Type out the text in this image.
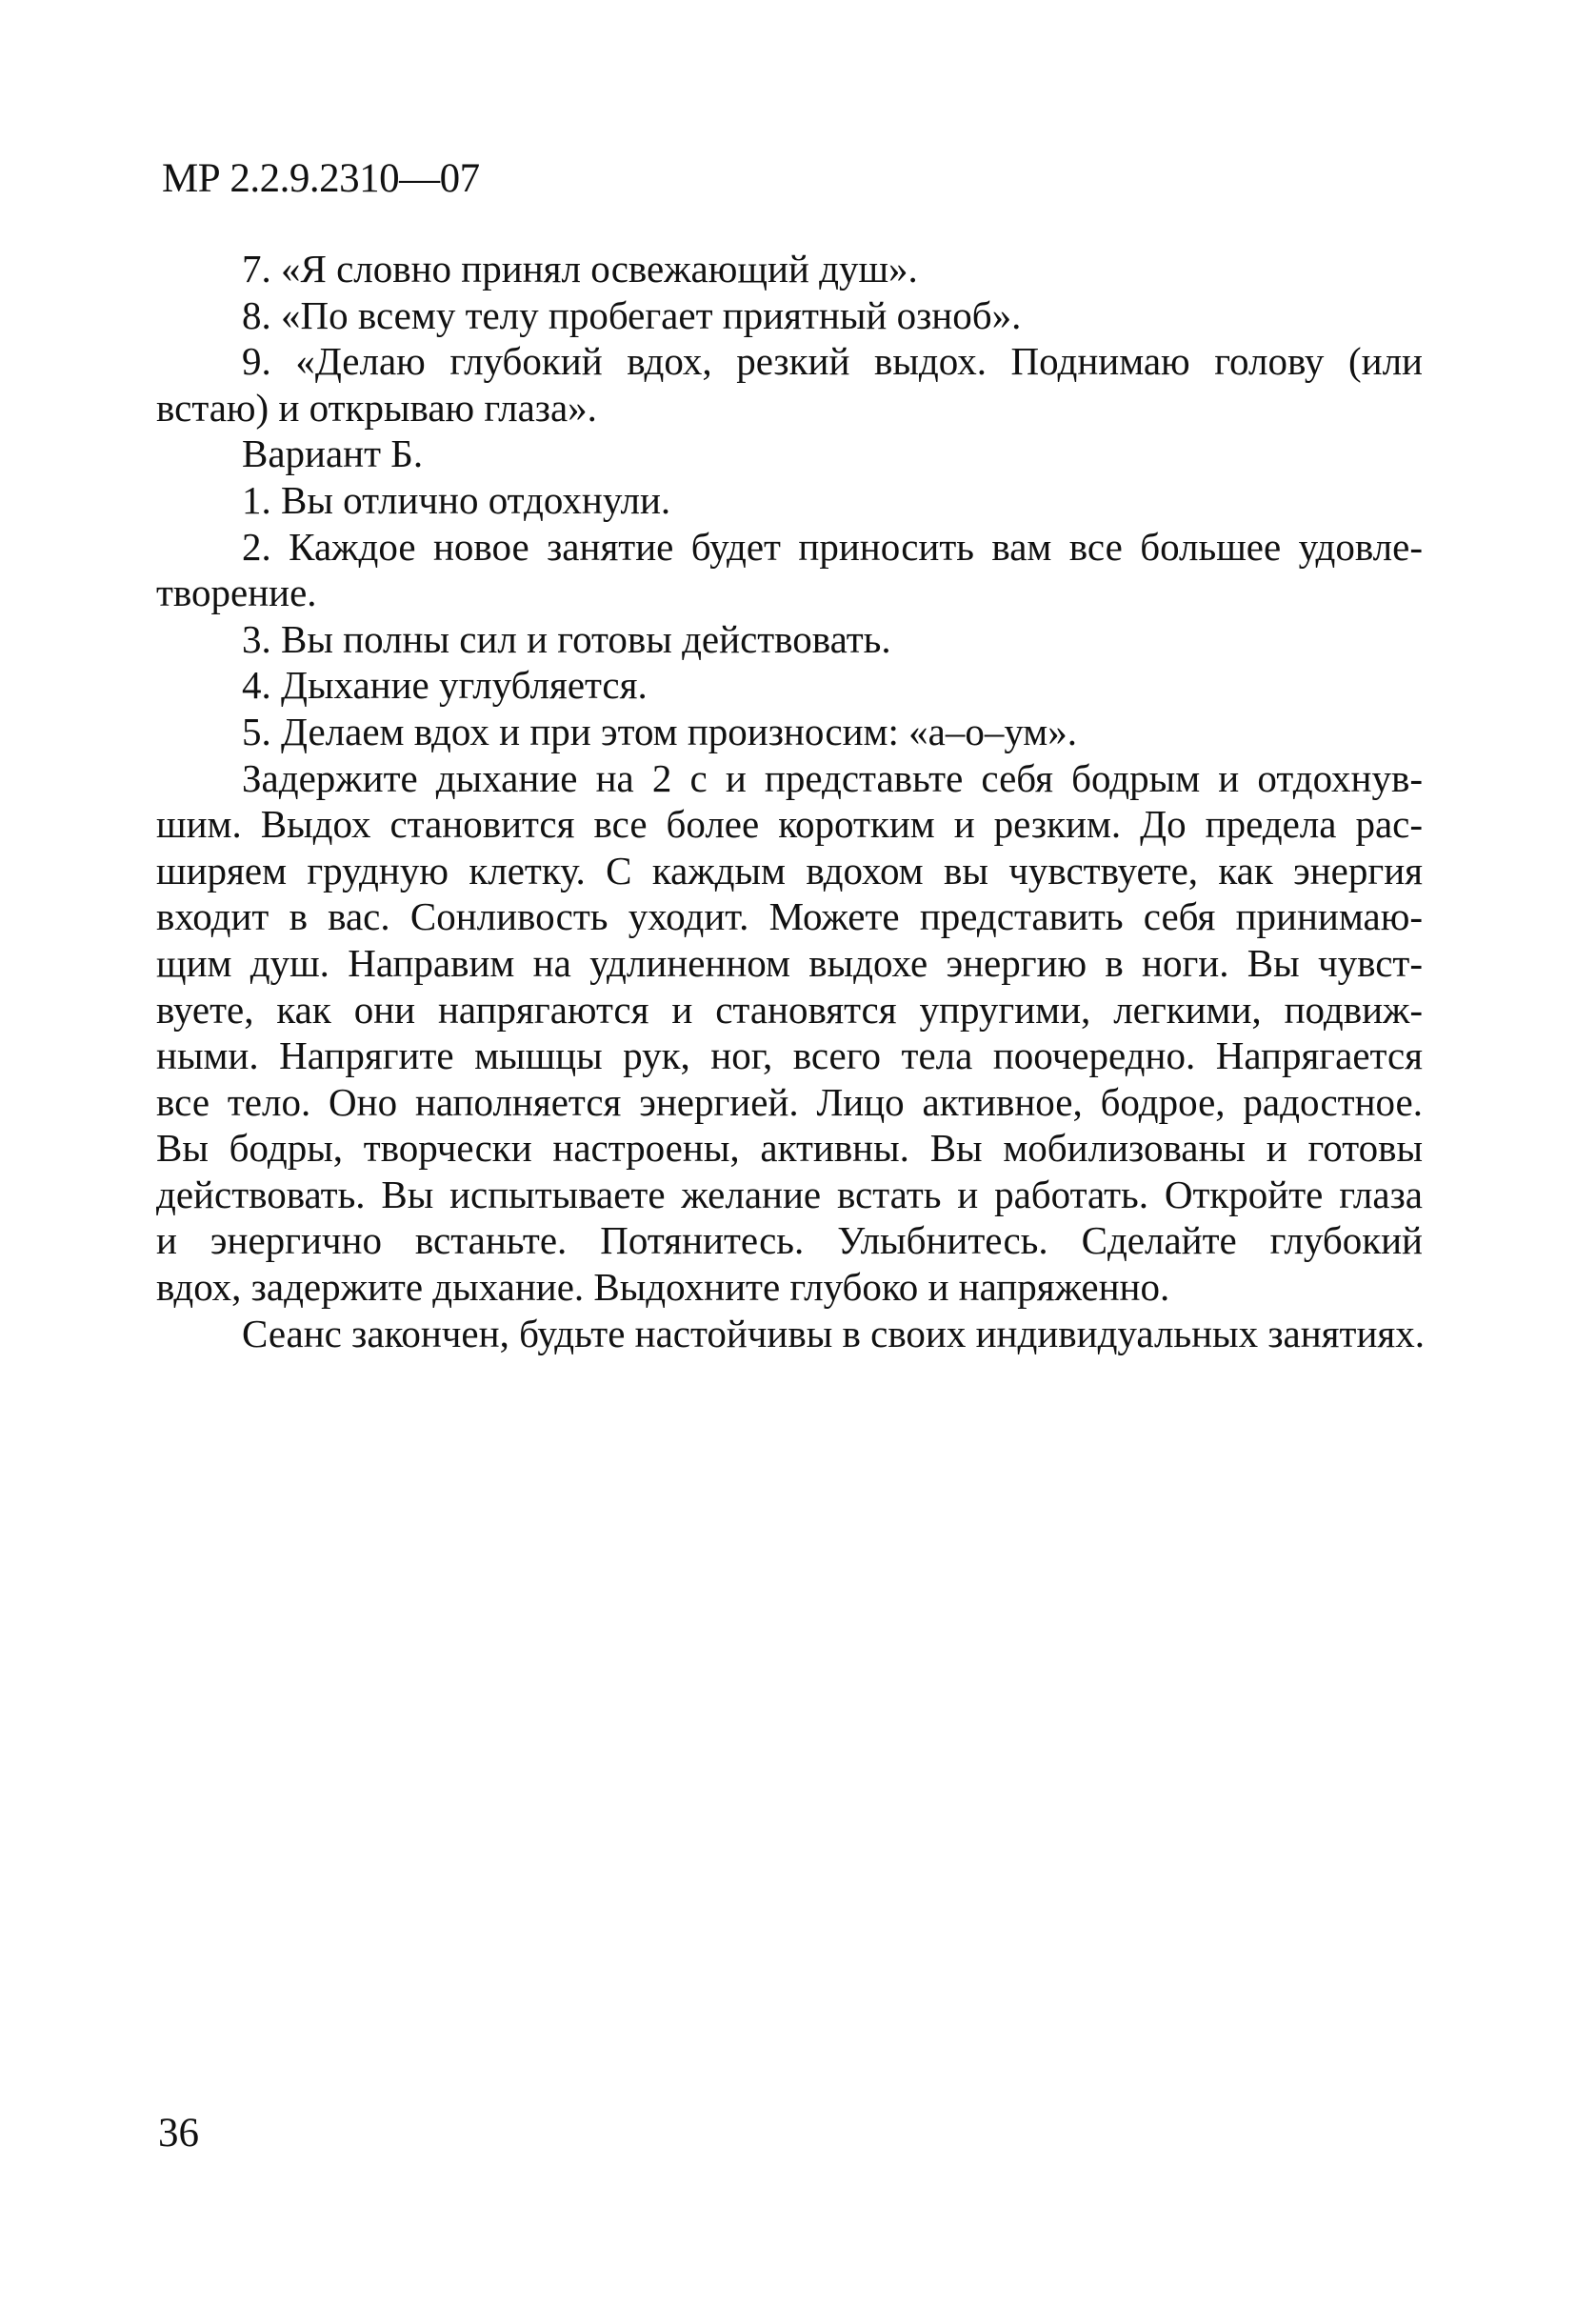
МР 2.2.9.2310—07

7. «Я словно принял освежающий душ».

8. «По всему телу пробегает приятный озноб».

9. «Делаю глубокий вдох, резкий выдох. Поднимаю голову (или

встаю) и открываю глаза».

Вариант Б.

1. Вы отлично отдохнули.

2. Каждое новое занятие будет приносить вам все большее удовле-

творение.

3. Вы полны сил и готовы действовать.

4. Дыхание углубляется.

5. Делаем вдох и при этом произносим: «а–о–ум».

Задержите дыхание на 2 с и представьте себя бодрым и отдохнув-

шим. Выдох становится все более коротким и резким. До предела рас-

ширяем грудную клетку. С каждым вдохом вы чувствуете, как энергия

входит в вас. Сонливость уходит. Можете представить себя принимаю-

щим душ. Направим на удлиненном выдохе энергию в ноги. Вы чувст-

вуете, как они напрягаются и становятся упругими, легкими, подвиж-

ными. Напрягите мышцы рук, ног, всего тела поочередно. Напрягается

все тело. Оно наполняется энергией. Лицо активное, бодрое, радостное.

Вы бодры, творчески настроены, активны. Вы мобилизованы и готовы

действовать. Вы испытываете желание встать и работать. Откройте глаза

и энергично встаньте. Потянитесь. Улыбнитесь. Сделайте глубокий

вдох, задержите дыхание. Выдохните глубоко и напряженно.

Сеанс закончен, будьте настойчивы в своих индивидуальных занятиях.

36
